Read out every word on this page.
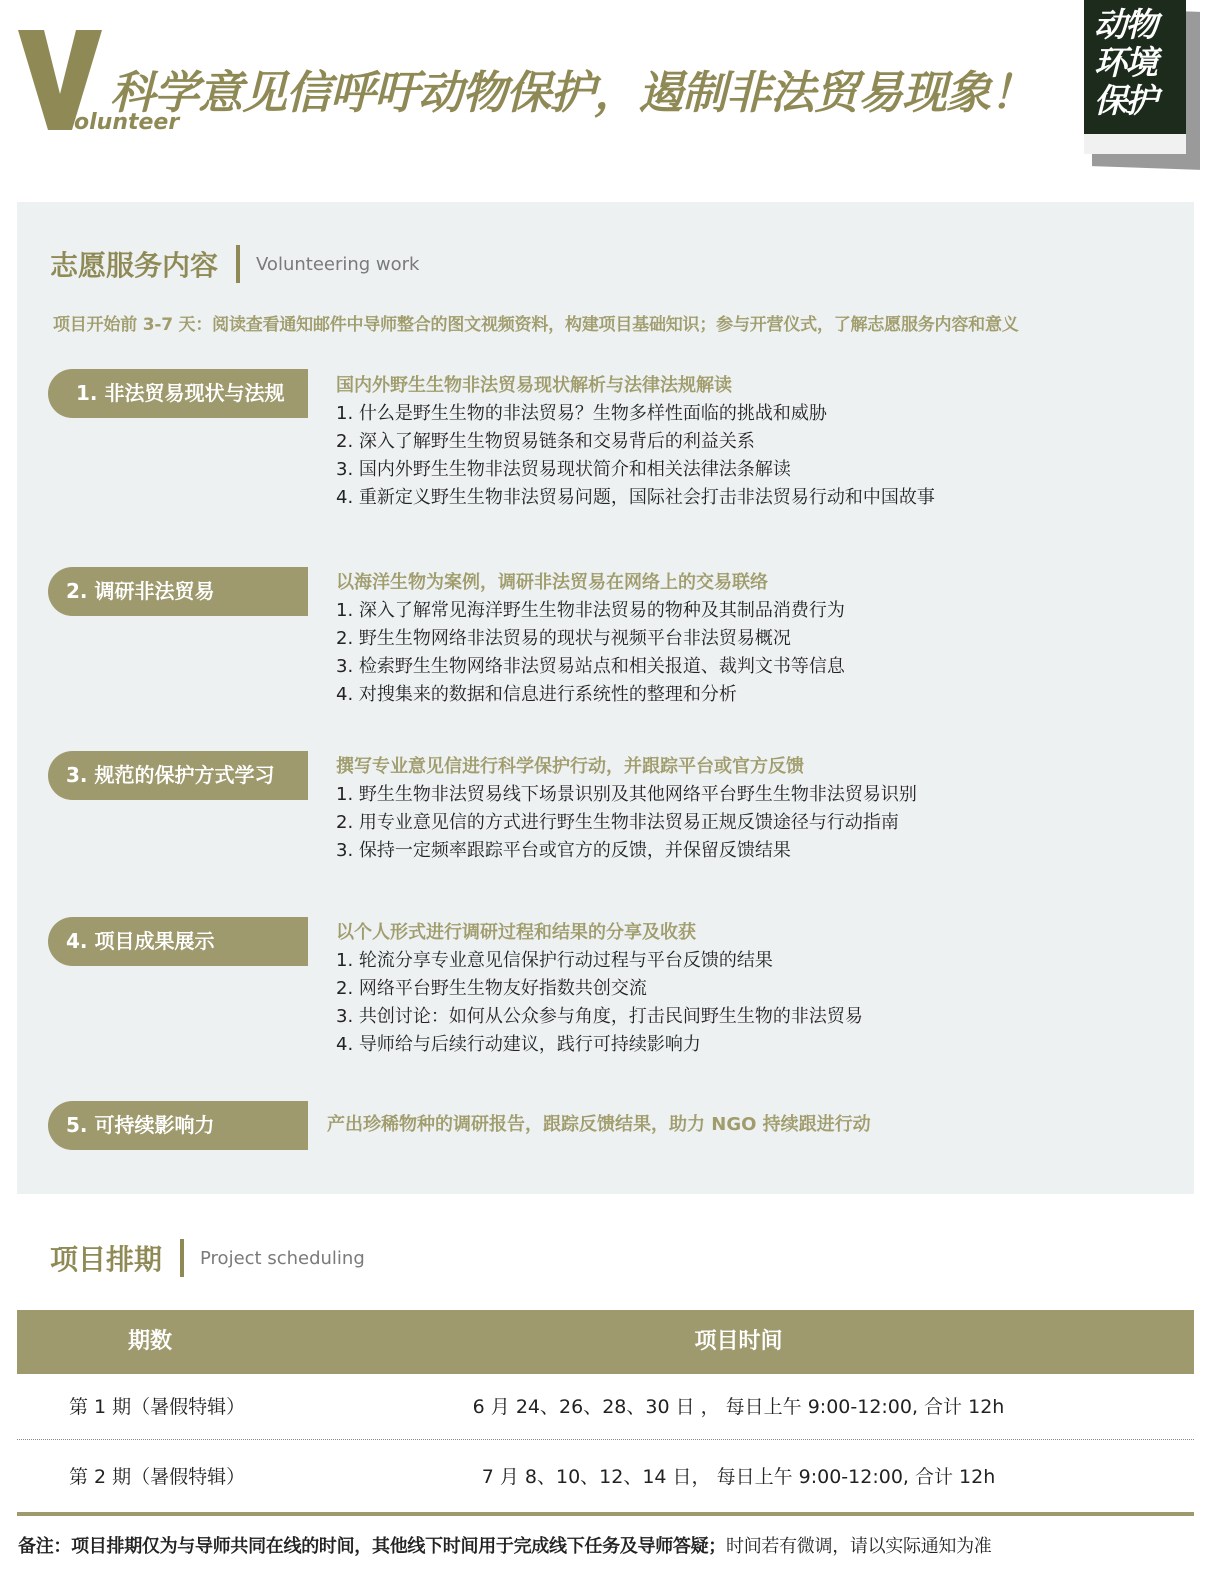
olunteer
科学意见信呼吁动物保护，遏制非法贸易现象！
动物
环境
保护
志愿服务内容 Volunteering work
项目开始前 3-7 天：阅读查看通知邮件中导师整合的图文视频资料，构建项目基础知识；参与开营仪式，了解志愿服务内容和意义
1. 非法贸易现状与法规	国内外野生生物非法贸易现状解析与法律法规解读
1. 什么是野生生物的非法贸易？生物多样性面临的挑战和威胁
2. 深入了解野生生物贸易链条和交易背后的利益关系
3. 国内外野生生物非法贸易现状简介和相关法律法条解读
4. 重新定义野生生物非法贸易问题，国际社会打击非法贸易行动和中国故事
2. 调研非法贸易	以海洋生物为案例，调研非法贸易在网络上的交易联络
1. 深入了解常见海洋野生生物非法贸易的物种及其制品消费行为
2. 野生生物网络非法贸易的现状与视频平台非法贸易概况
3. 检索野生生物网络非法贸易站点和相关报道、裁判文书等信息
4. 对搜集来的数据和信息进行系统性的整理和分析
3. 规范的保护方式学习	撰写专业意见信进行科学保护行动，并跟踪平台或官方反馈
1. 野生生物非法贸易线下场景识别及其他网络平台野生生物非法贸易识别
2. 用专业意见信的方式进行野生生物非法贸易正规反馈途径与行动指南
3. 保持一定频率跟踪平台或官方的反馈，并保留反馈结果
4. 项目成果展示	以个人形式进行调研过程和结果的分享及收获
1. 轮流分享专业意见信保护行动过程与平台反馈的结果
2. 网络平台野生生物友好指数共创交流
3. 共创讨论：如何从公众参与角度，打击民间野生生物的非法贸易
4. 导师给与后续行动建议，践行可持续影响力
5. 可持续影响力	产出珍稀物种的调研报告，跟踪反馈结果，助力 NGO 持续跟进行动
项目排期 Project scheduling
期数	项目时间
第 1 期（暑假特辑）	6 月 24、26、28、30 日 ， 每日上午 9:00-12:00, 合计 12h
第 2 期（暑假特辑）	7 月 8、10、12、14 日， 每日上午 9:00-12:00, 合计 12h
备注：项目排期仅为与导师共同在线的时间，其他线下时间用于完成线下任务及导师答疑；时间若有微调，请以实际通知为准
